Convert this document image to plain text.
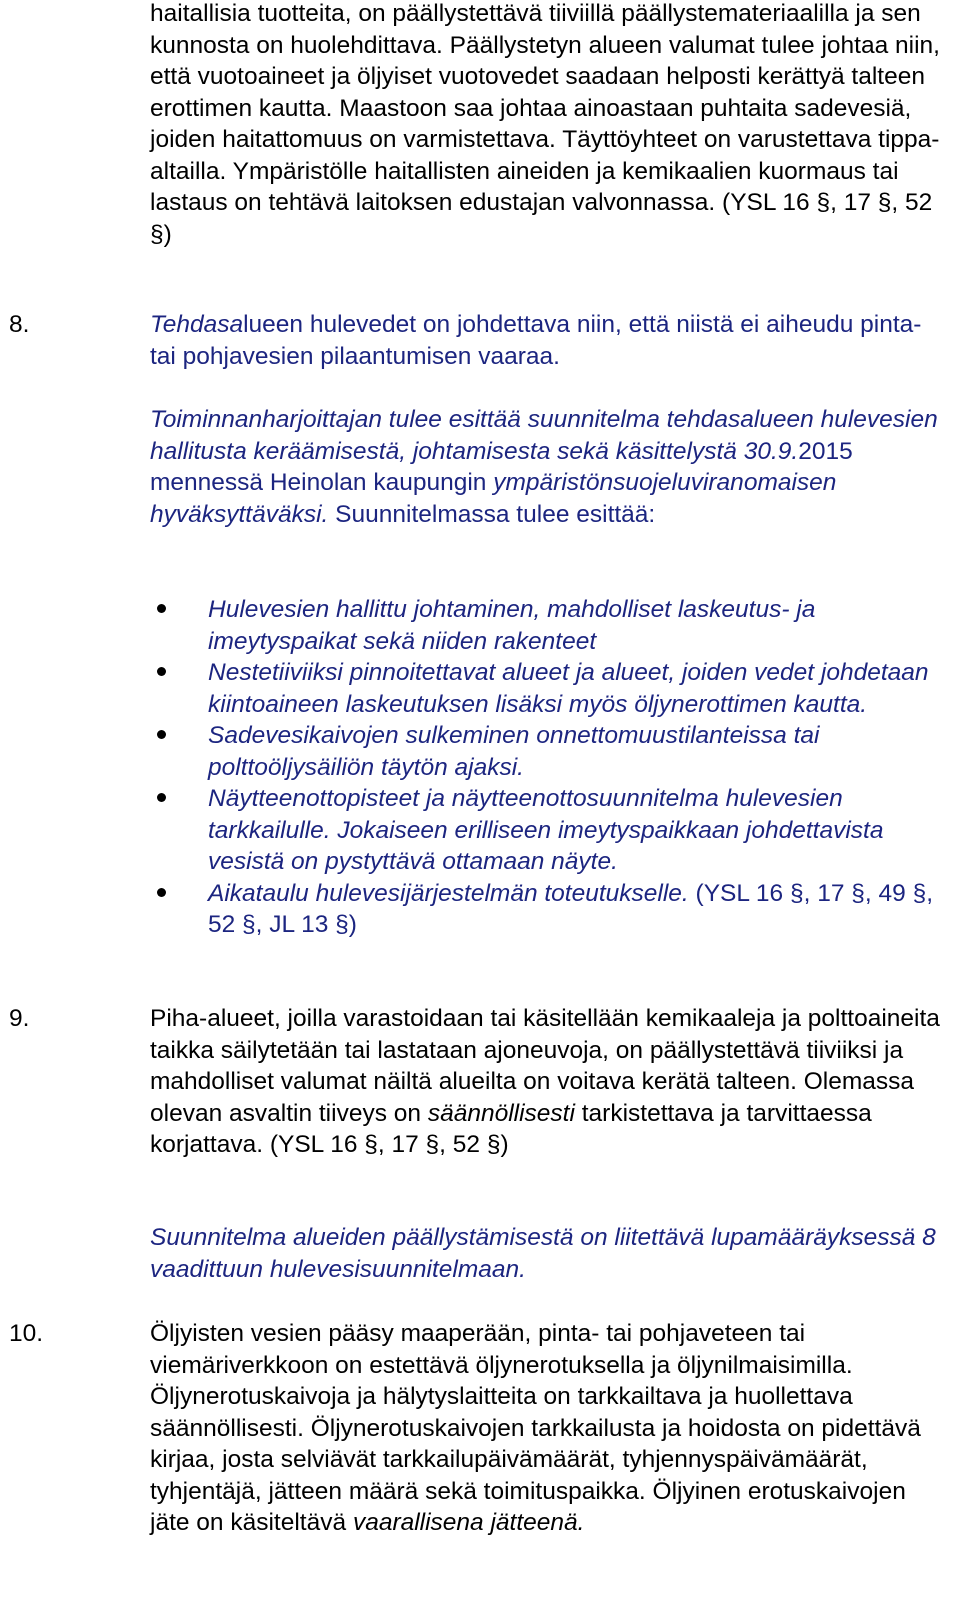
haitallisia tuotteita, on päällystettävä tiiviillä päällystemateriaalilla ja sen kunnosta on huolehdittava. Päällystetyn alueen valumat tulee johtaa niin, että vuotoaineet ja öljyiset vuotovedet saadaan helposti kerättyä talteen erottimen kautta. Maastoon saa johtaa ainoastaan puhtaita sadevesiä, joiden haitattomuus on varmistettava. Täyttöyhteet on varustettava tippa-altailla. Ympäristölle haitallisten aineiden ja kemikaalien kuormaus tai lastaus on tehtävä laitoksen edustajan valvonnassa. (YSL 16 §, 17 §, 52 §)

8.	Tehdasalueen hulevedet on johdettava niin, että niistä ei aiheudu pinta- tai pohjavesien pilaantumisen vaaraa.

Toiminnanharjoittajan tulee esittää suunnitelma tehdasalueen hulevesien hallitusta keräämisestä, johtamisesta sekä käsittelystä 30.9.2015 mennessä Heinolan kaupungin ympäristönsuojeluviranomaisen hyväksyttäväksi. Suunnitelmassa tulee esittää:

Hulevesien hallittu johtaminen, mahdolliset laskeutus- ja imeytyspaikat sekä niiden rakenteet
Nestetiiviiksi pinnoitettavat alueet ja alueet, joiden vedet johdetaan kiintoaineen laskeutuksen lisäksi myös öljynerottimen kautta.
Sadevesikaivojen sulkeminen onnettomuustilanteissa tai polttoöljysäiliön täytön ajaksi.
Näytteenottopisteet ja näytteenottosuunnitelma hulevesien tarkkailulle. Jokaiseen erilliseen imeytyspaikkaan johdettavista vesistä on pystyttävä ottamaan näyte.
Aikataulu hulevesijärjestelmän toteutukselle. (YSL 16 §, 17 §, 49 §, 52 §, JL 13 §)

9.	Piha-alueet, joilla varastoidaan tai käsitellään kemikaaleja ja polttoaineita taikka säilytetään tai lastataan ajoneuvoja, on päällystettävä tiiviiksi ja mahdolliset valumat näiltä alueilta on voitava kerätä talteen. Olemassa olevan asvaltin tiiveys on säännöllisesti tarkistettava ja tarvittaessa korjattava. (YSL 16 §, 17 §, 52 §)

Suunnitelma alueiden päällystämisestä on liitettävä lupamääräyksessä 8 vaadittuun hulevesisuunnitelmaan.

10.	Öljyisten vesien pääsy maaperään, pinta- tai pohjaveteen tai viemäriverkkoon on estettävä öljynerotuksella ja öljynilmaisimilla. Öljynerotuskaivoja ja hälytyslaitteita on tarkkailtava ja huollettava säännöllisesti. Öljynerotuskaivojen tarkkailusta ja hoidosta on pidettävä kirjaa, josta selviävät tarkkailupäivämäärät, tyhjennyspäivämäärät, tyhjentäjä, jätteen määrä sekä toimituspaikka. Öljyinen erotuskaivojen jäte on käsiteltävä vaarallisena jätteenä.
